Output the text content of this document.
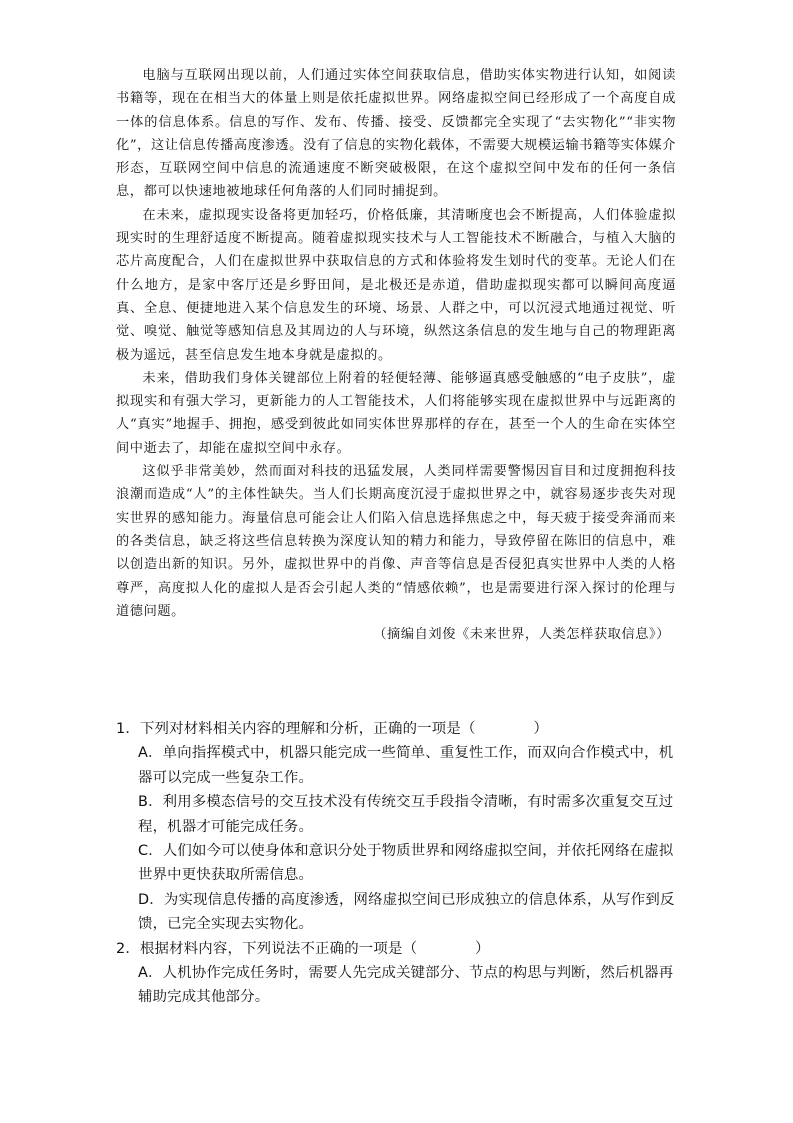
电脑与互联网出现以前，人们通过实体空间获取信息，借助实体实物进行认知，如阅读书籍等，现在在相当大的体量上则是依托虚拟世界。网络虚拟空间已经形成了一个高度自成一体的信息体系。信息的写作、发布、传播、接受、反馈都完全实现了“去实物化”“非实物化”，这让信息传播高度渗透。没有了信息的实物化载体，不需要大规模运输书籍等实体媒介形态，互联网空间中信息的流通速度不断突破极限，在这个虚拟空间中发布的任何一条信息，都可以快速地被地球任何角落的人们同时捕捉到。

在未来，虚拟现实设备将更加轻巧，价格低廉，其清晰度也会不断提高，人们体验虚拟现实时的生理舒适度不断提高。随着虚拟现实技术与人工智能技术不断融合，与植入大脑的芯片高度配合，人们在虚拟世界中获取信息的方式和体验将发生划时代的变革。无论人们在什么地方，是家中客厅还是乡野田间，是北极还是赤道，借助虚拟现实都可以瞬间高度逼真、全息、便捷地进入某个信息发生的环境、场景、人群之中，可以沉浸式地通过视觉、听觉、嗅觉、触觉等感知信息及其周边的人与环境，纵然这条信息的发生地与自己的物理距离极为遥远，甚至信息发生地本身就是虚拟的。

未来，借助我们身体关键部位上附着的轻便轻薄、能够逼真感受触感的“电子皮肤”，虚拟现实和有强大学习，更新能力的人工智能技术，人们将能够实现在虚拟世界中与远距离的人“真实”地握手、拥抱，感受到彼此如同实体世界那样的存在，甚至一个人的生命在实体空间中逝去了，却能在虚拟空间中永存。

这似乎非常美妙，然而面对科技的迅猛发展，人类同样需要警惕因盲目和过度拥抱科技浪潮而造成“人”的主体性缺失。当人们长期高度沉浸于虚拟世界之中，就容易逐步丧失对现实世界的感知能力。海量信息可能会让人们陷入信息选择焦虑之中，每天疲于接受奔涌而来的各类信息，缺乏将这些信息转换为深度认知的精力和能力，导致停留在陈旧的信息中，难以创造出新的知识。另外，虚拟世界中的肖像、声音等信息是否侵犯真实世界中人类的人格尊严，高度拟人化的虚拟人是否会引起人类的“情感依赖”，也是需要进行深入探讨的伦理与道德问题。

（摘编自刘俊《未来世界，人类怎样获取信息》）
1．下列对材料相关内容的理解和分析，正确的一项是（	）
A．单向指挥模式中，机器只能完成一些简单、重复性工作，而双向合作模式中，机器可以完成一些复杂工作。
B．利用多模态信号的交互技术没有传统交互手段指令清晰，有时需多次重复交互过程，机器才可能完成任务。
C．人们如今可以使身体和意识分处于物质世界和网络虚拟空间，并依托网络在虚拟世界中更快获取所需信息。
D．为实现信息传播的高度渗透，网络虚拟空间已形成独立的信息体系，从写作到反馈，已完全实现去实物化。
2．根据材料内容，下列说法不正确的一项是（	）
A．人机协作完成任务时，需要人先完成关键部分、节点的构思与判断，然后机器再辅助完成其他部分。
